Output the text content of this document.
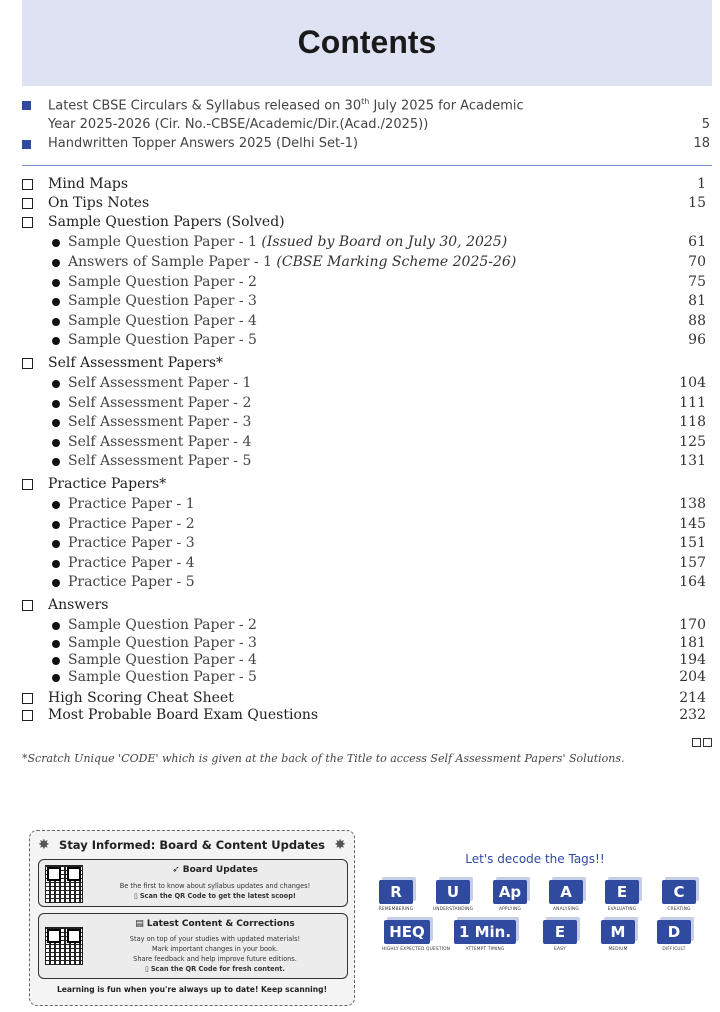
Contents
Latest CBSE Circulars & Syllabus released on 30th July 2025 for Academic
Year 2025-2026 (Cir. No.-CBSE/Academic/Dir.(Acad./2025))	5
Handwritten Topper Answers 2025 (Delhi Set-1)	18
Mind Maps	1
On Tips Notes	15
Sample Question Papers (Solved)
Sample Question Paper - 1 (Issued by Board on July 30, 2025)	61
Answers of Sample Paper - 1 (CBSE Marking Scheme 2025-26)	70
Sample Question Paper - 2	75
Sample Question Paper - 3	81
Sample Question Paper - 4	88
Sample Question Paper - 5	96
Self Assessment Papers*
Self Assessment Paper - 1	104
Self Assessment Paper - 2	111
Self Assessment Paper - 3	118
Self Assessment Paper - 4	125
Self Assessment Paper - 5	131
Practice Papers*
Practice Paper - 1	138
Practice Paper - 2	145
Practice Paper - 3	151
Practice Paper - 4	157
Practice Paper - 5	164
Answers
Sample Question Paper - 2	170
Sample Question Paper - 3	181
Sample Question Paper - 4	194
Sample Question Paper - 5	204
High Scoring Cheat Sheet	214
Most Probable Board Exam Questions	232
*Scratch Unique 'CODE' which is given at the back of the Title to access Self Assessment Papers' Solutions.
✸ Stay Informed: Board & Content Updates ✸
➶ Board Updates
Be the first to know about syllabus updates and changes!
▯ Scan the QR Code to get the latest scoop!
▤ Latest Content & Corrections
Stay on top of your studies with updated materials!
Mark important changes in your book.
Share feedback and help improve future editions.
▯ Scan the QR Code for fresh content.
Learning is fun when you're always up to date! Keep scanning!
Let's decode the Tags!!
R
REMEMBERING
U
UNDERSTANDING
Ap
APPLYING
A
ANALYSING
E
EVALUATING
C
CREATING
HEQ
HIGHLY EXPECTED QUESTION
1 Min.
ATTEMPT TIMING
E
EASY
M
MEDIUM
D
DIFFICULT
